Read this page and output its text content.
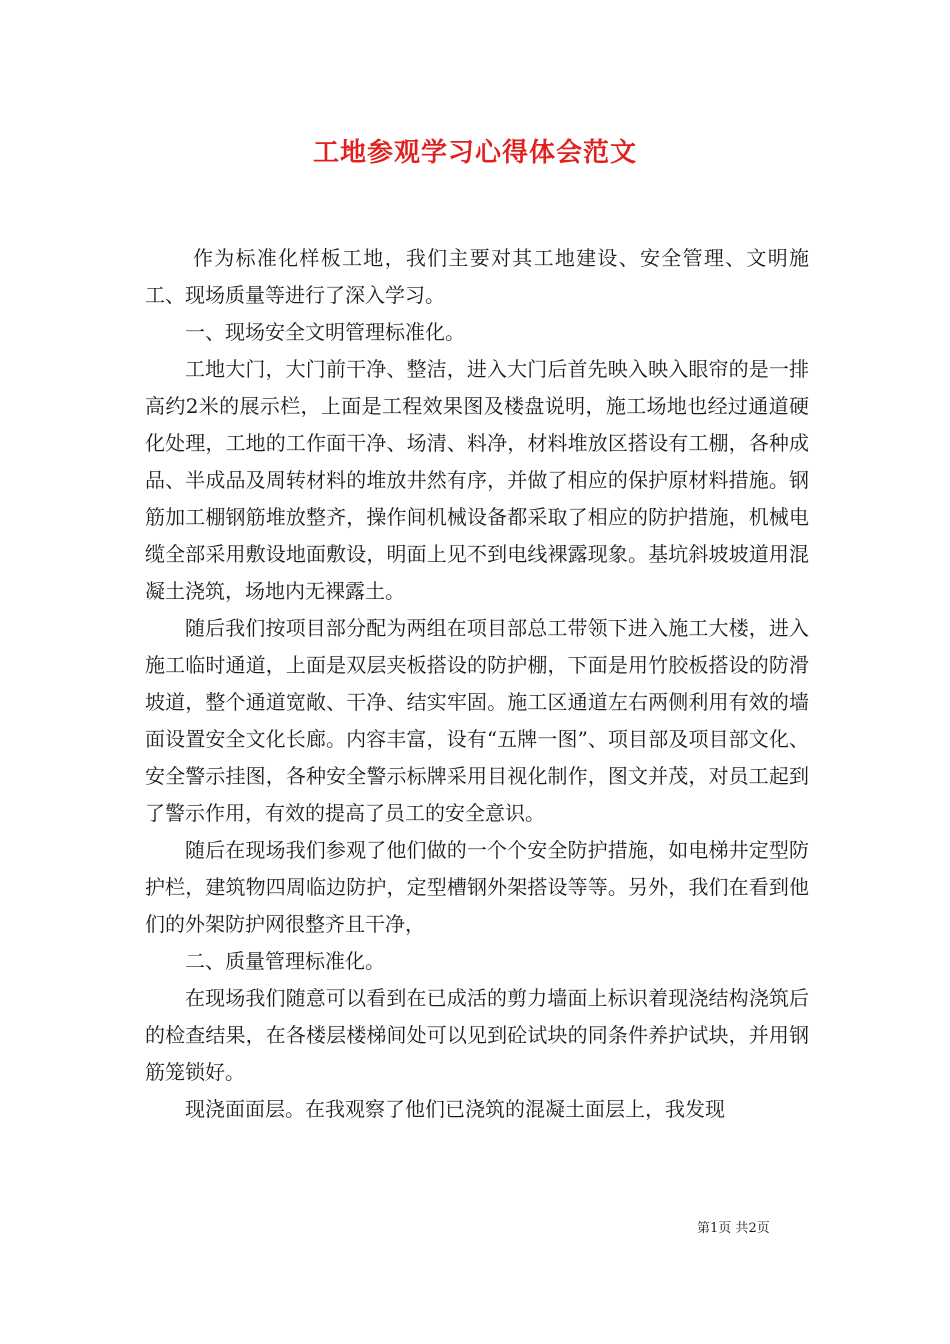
工地参观学习心得体会范文

作为标准化样板工地，我们主要对其工地建设、安全管理、文明施工、现场质量等进行了深入学习。

一、现场安全文明管理标准化。

工地大门，大门前干净、整洁，进入大门后首先映入映入眼帘的是一排高约2米的展示栏，上面是工程效果图及楼盘说明，施工场地也经过通道硬化处理，工地的工作面干净、场清、料净，材料堆放区搭设有工棚，各种成品、半成品及周转材料的堆放井然有序，并做了相应的保护原材料措施。钢筋加工棚钢筋堆放整齐，操作间机械设备都采取了相应的防护措施，机械电缆全部采用敷设地面敷设，明面上见不到电线裸露现象。基坑斜坡坡道用混凝土浇筑，场地内无裸露土。

随后我们按项目部分配为两组在项目部总工带领下进入施工大楼，进入施工临时通道，上面是双层夹板搭设的防护棚，下面是用竹胶板搭设的防滑坡道，整个通道宽敞、干净、结实牢固。施工区通道左右两侧利用有效的墙面设置安全文化长廊。内容丰富，设有“五牌一图”、项目部及项目部文化、安全警示挂图，各种安全警示标牌采用目视化制作，图文并茂，对员工起到了警示作用，有效的提高了员工的安全意识。

随后在现场我们参观了他们做的一个个安全防护措施，如电梯井定型防护栏，建筑物四周临边防护，定型槽钢外架搭设等等。另外，我们在看到他们的外架防护网很整齐且干净，

二、质量管理标准化。

在现场我们随意可以看到在已成活的剪力墙面上标识着现浇结构浇筑后的检查结果，在各楼层楼梯间处可以见到砼试块的同条件养护试块，并用钢筋笼锁好。

现浇面面层。在我观察了他们已浇筑的混凝土面层上，我发现

第1页 共2页
